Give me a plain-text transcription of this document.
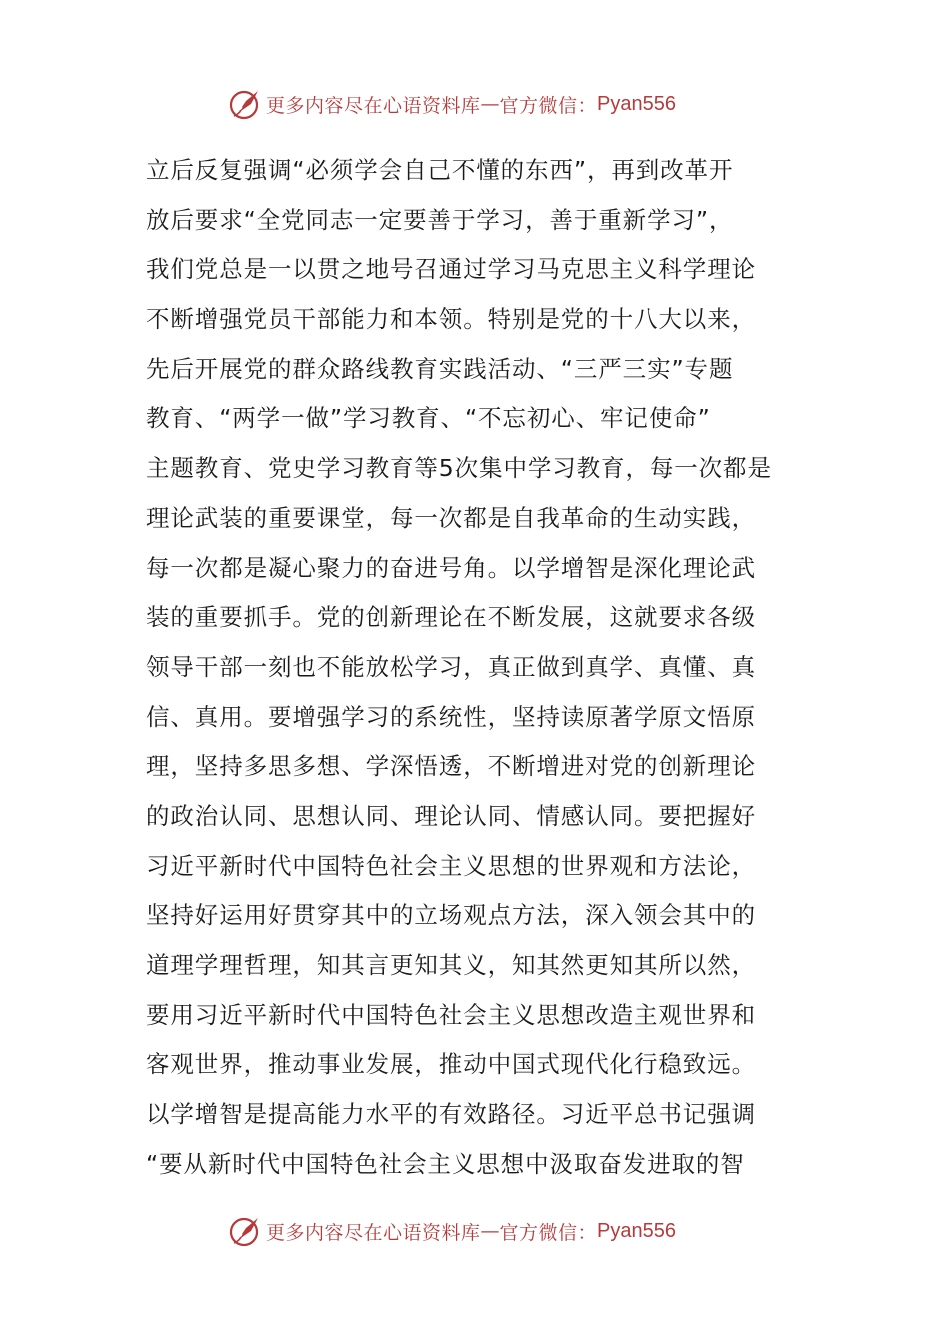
更多内容尽在心语资料库 — 官方微信： Pyan556
立后反复强调“必须学会自己不懂的东西”，再到改革开
放后要求“全党同志一定要善于学习，善于重新学习”，
我们党总是一以贯之地号召通过学习马克思主义科学理论
不断增强党员干部能力和本领。特别是党的十八大以来，
先后开展党的群众路线教育实践活动、“三严三实”专题
教育、“两学一做”学习教育、“不忘初心、牢记使命”
主题教育、党史学习教育等5次集中学习教育，每一次都是
理论武装的重要课堂，每一次都是自我革命的生动实践，
每一次都是凝心聚力的奋进号角。以学增智是深化理论武
装的重要抓手。党的创新理论在不断发展，这就要求各级
领导干部一刻也不能放松学习，真正做到真学、真懂、真
信、真用。要增强学习的系统性，坚持读原著学原文悟原
理，坚持多思多想、学深悟透，不断增进对党的创新理论
的政治认同、思想认同、理论认同、情感认同。要把握好
习近平新时代中国特色社会主义思想的世界观和方法论，
坚持好运用好贯穿其中的立场观点方法，深入领会其中的
道理学理哲理，知其言更知其义，知其然更知其所以然，
要用习近平新时代中国特色社会主义思想改造主观世界和
客观世界，推动事业发展，推动中国式现代化行稳致远。
以学增智是提高能力水平的有效路径。习近平总书记强调
“要从新时代中国特色社会主义思想中汲取奋发进取的智
更多内容尽在心语资料库 — 官方微信： Pyan556
